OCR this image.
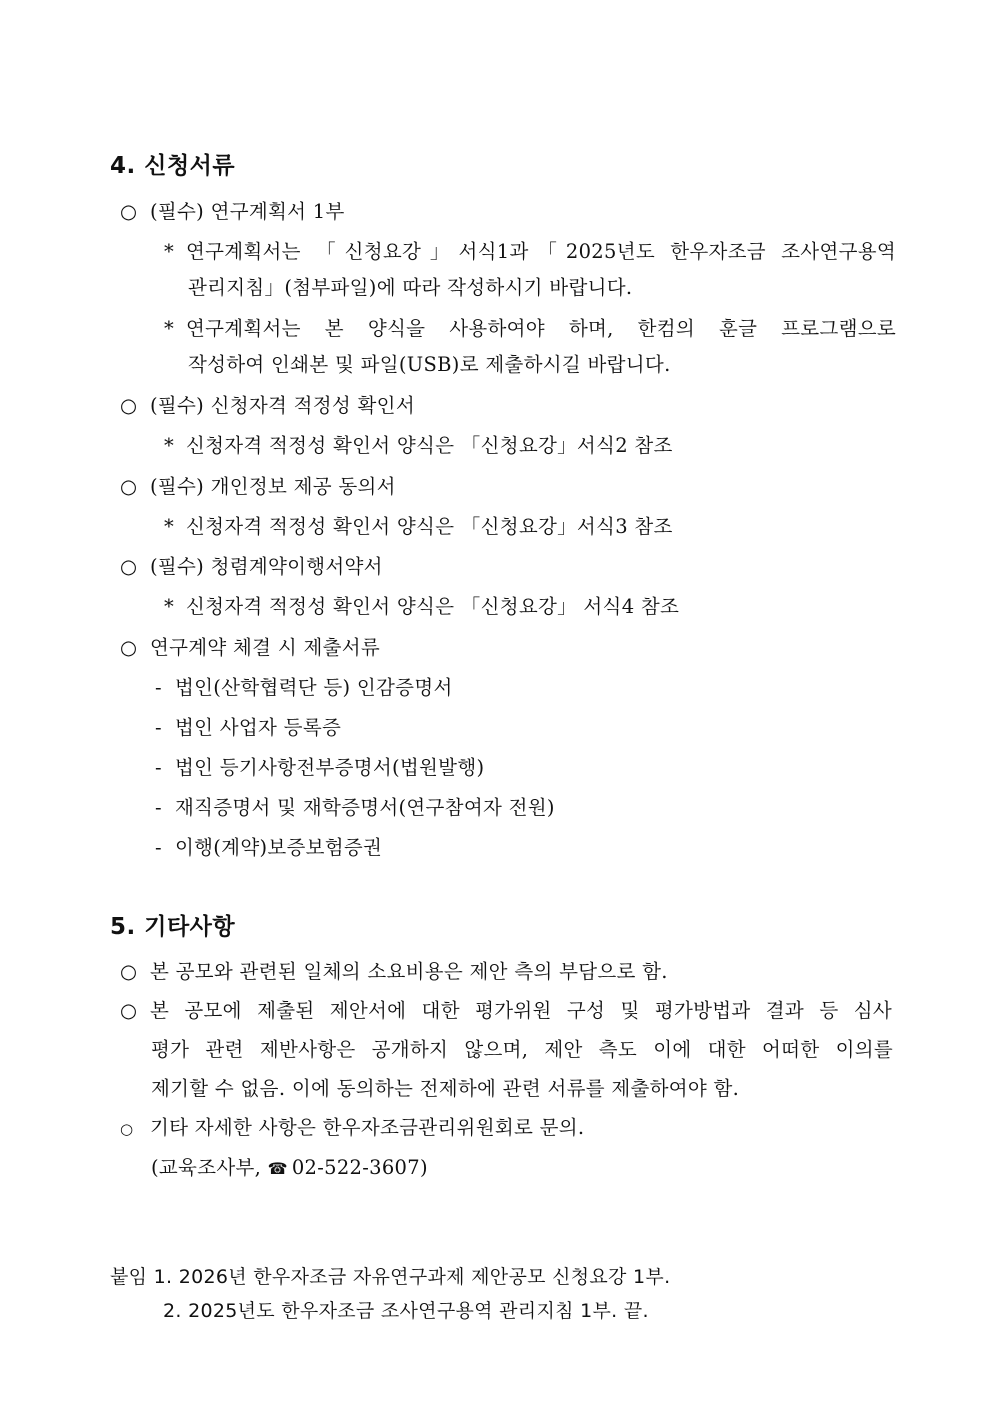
4. 신청서류
○ (필수) 연구계획서 1부
* 연구계획서는 「신청요강」서식1과「2025년도 한우자조금 조사연구용역
관리지침」(첨부파일)에 따라 작성하시기 바랍니다.
* 연구계획서는 본 양식을 사용하여야 하며, 한컴의 훈글 프로그램으로
작성하여 인쇄본 및 파일(USB)로 제출하시길 바랍니다.
○ (필수) 신청자격 적정성 확인서
* 신청자격 적정성 확인서 양식은 「신청요강」서식2 참조
○ (필수) 개인정보 제공 동의서
* 신청자격 적정성 확인서 양식은 「신청요강」서식3 참조
○ (필수) 청렴계약이행서약서
* 신청자격 적정성 확인서 양식은 「신청요강」 서식4 참조
○ 연구계약 체결 시 제출서류
- 법인(산학협력단 등) 인감증명서
- 법인 사업자 등록증
- 법인 등기사항전부증명서(법원발행)
- 재직증명서 및 재학증명서(연구참여자 전원)
- 이행(계약)보증보험증권
5. 기타사항
○ 본 공모와 관련된 일체의 소요비용은 제안 측의 부담으로 함.
○ 본 공모에 제출된 제안서에 대한 평가위원 구성 및 평가방법과 결과 등 심사
평가 관련 제반사항은 공개하지 않으며, 제안 측도 이에 대한 어떠한 이의를
제기할 수 없음. 이에 동의하는 전제하에 관련 서류를 제출하여야 함.
○ 기타 자세한 사항은 한우자조금관리위원회로 문의.
(교육조사부, ☎ 02-522-3607)
붙임 1. 2026년 한우자조금 자유연구과제 제안공모 신청요강 1부.
2. 2025년도 한우자조금 조사연구용역 관리지침 1부. 끝.
